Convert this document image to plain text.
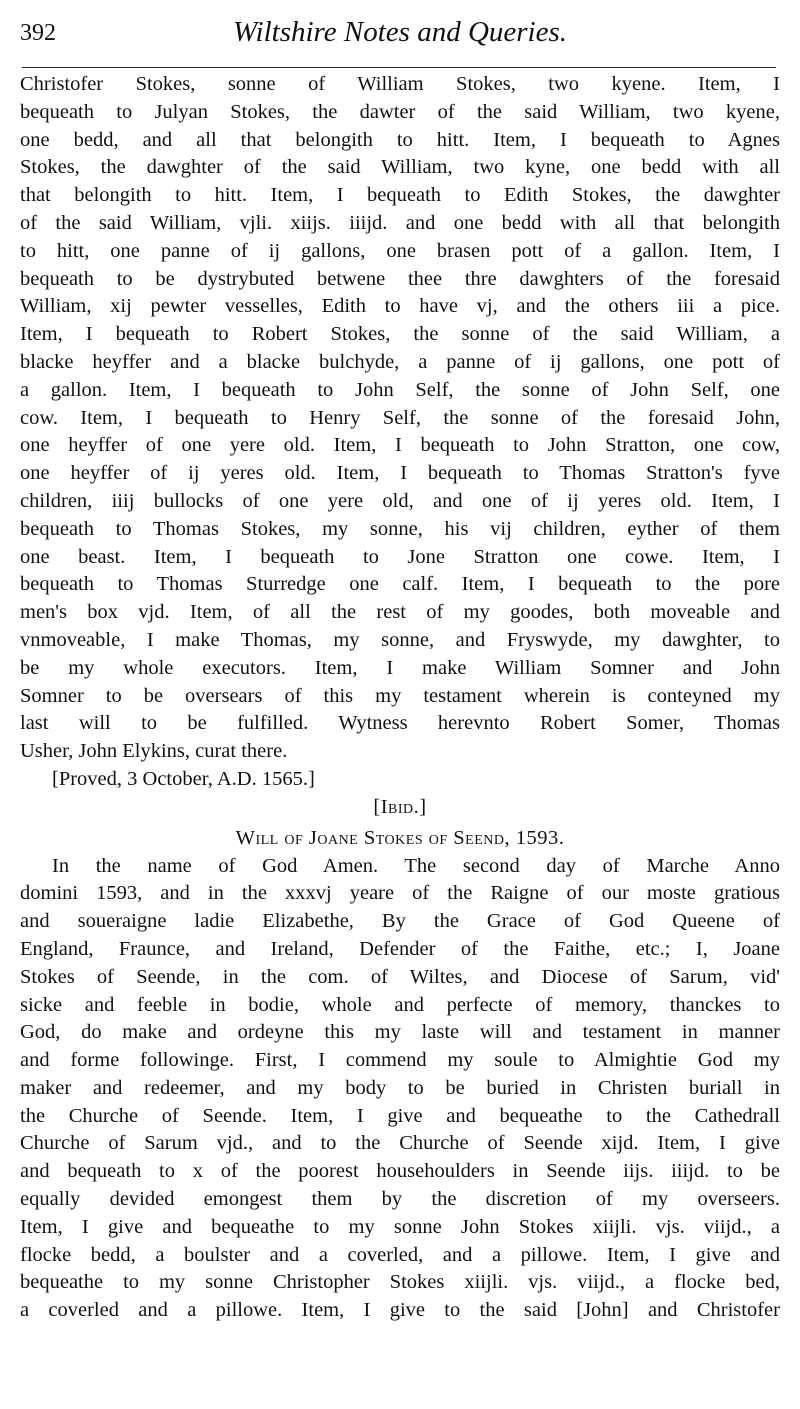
392	Wiltshire Notes and Queries.
Christofer Stokes, sonne of William Stokes, two kyene. Item, I
bequeath to Julyan Stokes, the dawter of the said William, two kyene,
one bedd, and all that belongith to hitt. Item, I bequeath to Agnes
Stokes, the dawghter of the said William, two kyne, one bedd with all
that belongith to hitt. Item, I bequeath to Edith Stokes, the dawghter
of the said William, vjli. xiijs. iiijd. and one bedd with all that belongith
to hitt, one panne of ij gallons, one brasen pott of a gallon. Item, I
bequeath to be dystrybuted betwene thee thre dawghters of the foresaid
William, xij pewter vesselles, Edith to have vj, and the others iii a pice.
Item, I bequeath to Robert Stokes, the sonne of the said William, a
blacke heyffer and a blacke bulchyde, a panne of ij gallons, one pott of
a gallon. Item, I bequeath to John Self, the sonne of John Self, one
cow. Item, I bequeath to Henry Self, the sonne of the foresaid John,
one heyffer of one yere old. Item, I bequeath to John Stratton, one cow,
one heyffer of ij yeres old. Item, I bequeath to Thomas Stratton's fyve
children, iiij bullocks of one yere old, and one of ij yeres old. Item, I
bequeath to Thomas Stokes, my sonne, his vij children, eyther of them
one beast. Item, I bequeath to Jone Stratton one cowe. Item, I
bequeath to Thomas Sturredge one calf. Item, I bequeath to the pore
men's box vjd. Item, of all the rest of my goodes, both moveable and
vnmoveable, I make Thomas, my sonne, and Fryswyde, my dawghter, to
be my whole executors. Item, I make William Somner and John
Somner to be oversears of this my testament wherein is conteyned my
last will to be fulfilled. Wytness herevnto Robert Somer, Thomas
Usher, John Elykins, curat there.
[Proved, 3 October, A.D. 1565.]
[Ibid.]
Will of Joane Stokes of Seend, 1593.
In the name of God Amen. The second day of Marche Anno
domini 1593, and in the xxxvj yeare of the Raigne of our moste gratious
and soueraigne ladie Elizabethe, By the Grace of God Queene of
England, Fraunce, and Ireland, Defender of the Faithe, etc.; I, Joane
Stokes of Seende, in the com. of Wiltes, and Diocese of Sarum, vid'
sicke and feeble in bodie, whole and perfecte of memory, thanckes to
God, do make and ordeyne this my laste will and testament in manner
and forme followinge. First, I commend my soule to Almightie God my
maker and redeemer, and my body to be buried in Christen buriall in
the Churche of Seende. Item, I give and bequeathe to the Cathedrall
Churche of Sarum vjd., and to the Churche of Seende xijd. Item, I give
and bequeath to x of the poorest househoulders in Seende iijs. iiijd. to be
equally devided emongest them by the discretion of my overseers.
Item, I give and bequeathe to my sonne John Stokes xiijli. vjs. viijd., a
flocke bedd, a boulster and a coverled, and a pillowe. Item, I give and
bequeathe to my sonne Christopher Stokes xiijli. vjs. viijd., a flocke bed,
a coverled and a pillowe. Item, I give to the said [John] and Christofer
